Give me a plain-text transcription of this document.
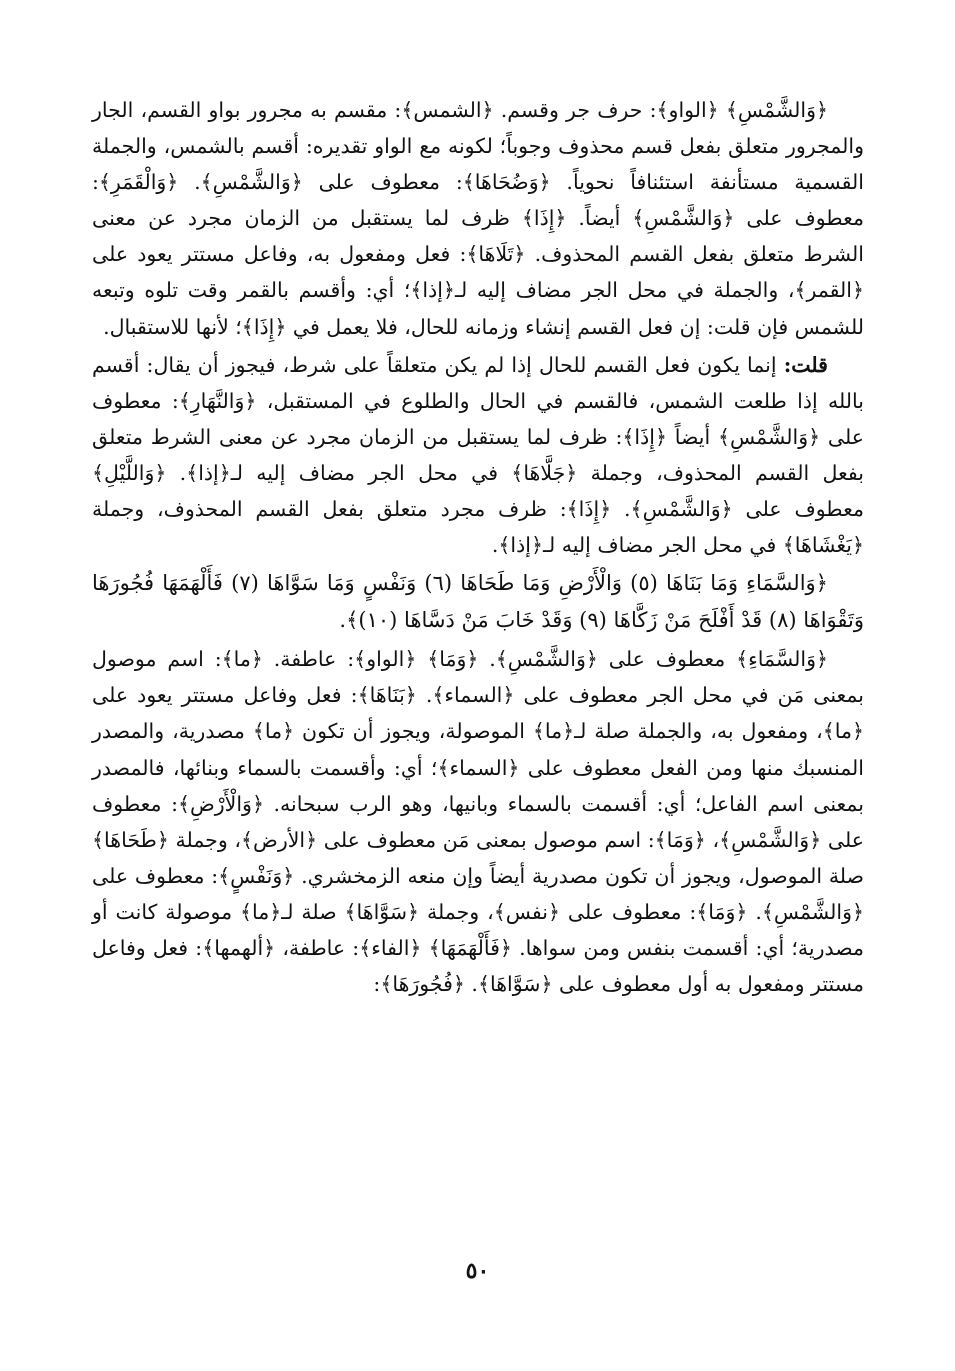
﴿وَالشَّمْسِ﴾ ﴿الواو﴾: حرف جر وقسم. ﴿الشمس﴾: مقسم به مجرور بواو القسم، الجار والمجرور متعلق بفعل قسم محذوف وجوباً؛ لكونه مع الواو تقديره: أقسم بالشمس، والجملة القسمية مستأنفة استئنافاً نحوياً. ﴿وَضُحَاهَا﴾: معطوف على ﴿وَالشَّمْسِ﴾. ﴿وَالْقَمَرِ﴾: معطوف على ﴿وَالشَّمْسِ﴾ أيضاً. ﴿إِذَا﴾ ظرف لما يستقبل من الزمان مجرد عن معنى الشرط متعلق بفعل القسم المحذوف. ﴿تَلَاهَا﴾: فعل ومفعول به، وفاعل مستتر يعود على ﴿القمر﴾، والجملة في محل الجر مضاف إليه لـ﴿إذا﴾؛ أي: وأقسم بالقمر وقت تلوه وتبعه للشمس فإن قلت: إن فعل القسم إنشاء وزمانه للحال، فلا يعمل في ﴿إِذَا﴾؛ لأنها للاستقبال.

قلت: إنما يكون فعل القسم للحال إذا لم يكن متعلقاً على شرط، فيجوز أن يقال: أقسم بالله إذا طلعت الشمس، فالقسم في الحال والطلوع في المستقبل، ﴿وَالنَّهَارِ﴾: معطوف على ﴿وَالشَّمْسِ﴾ أيضاً ﴿إِذَا﴾: ظرف لما يستقبل من الزمان مجرد عن معنى الشرط متعلق بفعل القسم المحذوف، وجملة ﴿جَلَّاهَا﴾ في محل الجر مضاف إليه لـ﴿إذا﴾. ﴿وَاللَّيْلِ﴾ معطوف على ﴿وَالشَّمْسِ﴾. ﴿إِذَا﴾: ظرف مجرد متعلق بفعل القسم المحذوف، وجملة ﴿يَغْشَاهَا﴾ في محل الجر مضاف إليه لـ﴿إذا﴾.

﴿وَالسَّمَاءِ وَمَا بَنَاهَا (٥) وَالْأَرْضِ وَمَا طَحَاهَا (٦) وَنَفْسٍ وَمَا سَوَّاهَا (٧) فَأَلْهَمَهَا فُجُورَهَا وَتَقْوَاهَا (٨) قَدْ أَفْلَحَ مَنْ زَكَّاهَا (٩) وَقَدْ خَابَ مَنْ دَسَّاهَا (١٠)﴾.

﴿وَالسَّمَاءِ﴾ معطوف على ﴿وَالشَّمْسِ﴾. ﴿وَمَا﴾ ﴿الواو﴾: عاطفة. ﴿ما﴾: اسم موصول بمعنى مَن في محل الجر معطوف على ﴿السماء﴾. ﴿بَنَاهَا﴾: فعل وفاعل مستتر يعود على ﴿ما﴾، ومفعول به، والجملة صلة لـ﴿ما﴾ الموصولة، ويجوز أن تكون ﴿ما﴾ مصدرية، والمصدر المنسبك منها ومن الفعل معطوف على ﴿السماء﴾؛ أي: وأقسمت بالسماء وبنائها، فالمصدر بمعنى اسم الفاعل؛ أي: أقسمت بالسماء وبانيها، وهو الرب سبحانه. ﴿وَالْأَرْضِ﴾: معطوف على ﴿وَالشَّمْسِ﴾، ﴿وَمَا﴾: اسم موصول بمعنى مَن معطوف على ﴿الأرض﴾، وجملة ﴿طَحَاهَا﴾ صلة الموصول، ويجوز أن تكون مصدرية أيضاً وإن منعه الزمخشري. ﴿وَنَفْسٍ﴾: معطوف على ﴿وَالشَّمْسِ﴾. ﴿وَمَا﴾: معطوف على ﴿نفس﴾، وجملة ﴿سَوَّاهَا﴾ صلة لـ﴿ما﴾ موصولة كانت أو مصدرية؛ أي: أقسمت بنفس ومن سواها. ﴿فَأَلْهَمَهَا﴾ ﴿الفاء﴾: عاطفة، ﴿ألهمها﴾: فعل وفاعل مستتر ومفعول به أول معطوف على ﴿سَوَّاهَا﴾. ﴿فُجُورَهَا﴾:

٥٠
